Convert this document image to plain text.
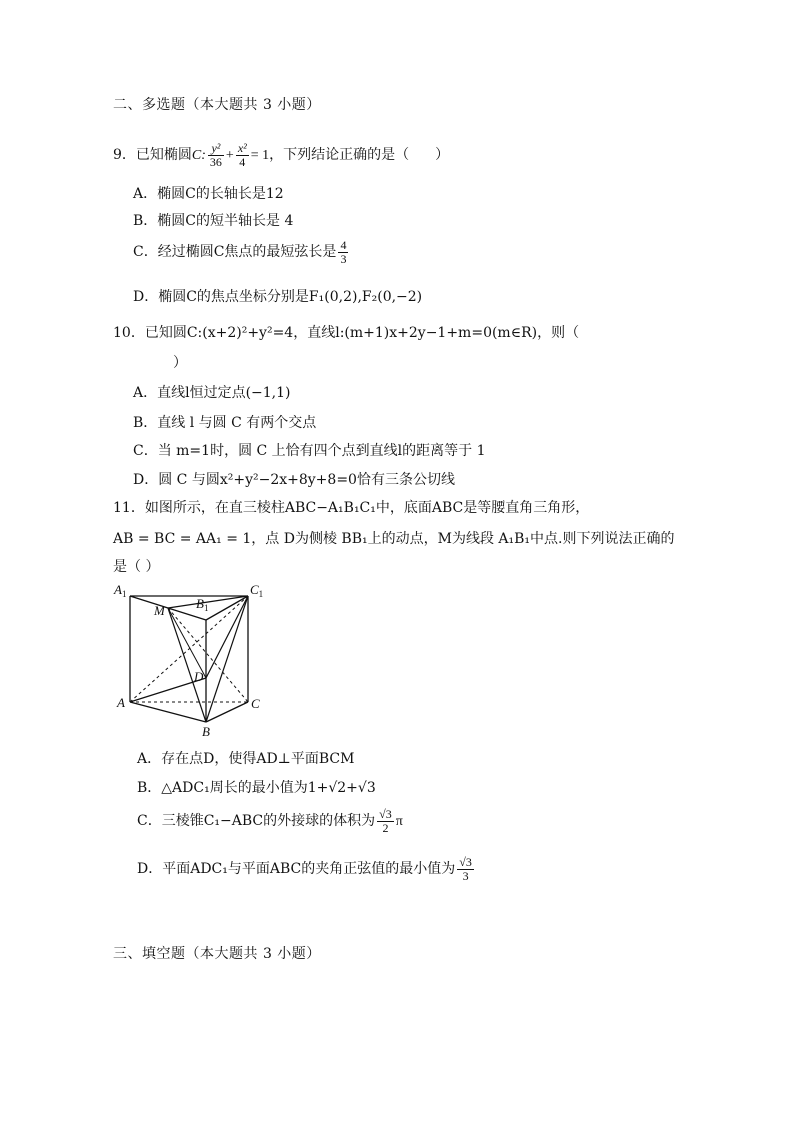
二、多选题（本大题共 3 小题）
9．已知椭圆C: $\frac{\text{y²}}{36} + \frac{\text{x²}}{4} = 1$，下列结论正确的是（ ）
A．椭圆C的长轴长是12
B．椭圆C的短半轴长是 4
C．经过椭圆C焦点的最短弦长是 $\frac{4}{3}$
D．椭圆C的焦点坐标分别是F₁(0,2),F₂(0,−2)
10．已知圆C:(x+2)²+y²=4，直线l:(m+1)x+2y−1+m=0(m∈R)，则（
）
A．直线l恒过定点(−1,1)
B．直线 l 与圆 C 有两个交点
C．当 m=1时，圆 C 上恰有四个点到直线l的距离等于 1
D．圆 C 与圆x²+y²−2x+8y+8=0恰有三条公切线
11．如图所示，在直三棱柱ABC−A₁B₁C₁中，底面ABC是等腰直角三角形，
AB = BC = AA₁ = 1，点 D为侧棱 BB₁上的动点，M为线段 A₁B₁中点.则下列说法正确的
是（ ）
$A_1$
$B_1$
$C_1$
M
D
A
B
C
A．存在点D，使得AD⊥平面BCM
B．△ADC₁周长的最小值为1+√2+√3
C．三棱锥C₁−ABC的外接球的体积为 $\frac{√3}{2}$ π
D．平面ADC₁与平面ABC的夹角正弦值的最小值为 $\frac{√3}{3}$
三、填空题（本大题共 3 小题）
